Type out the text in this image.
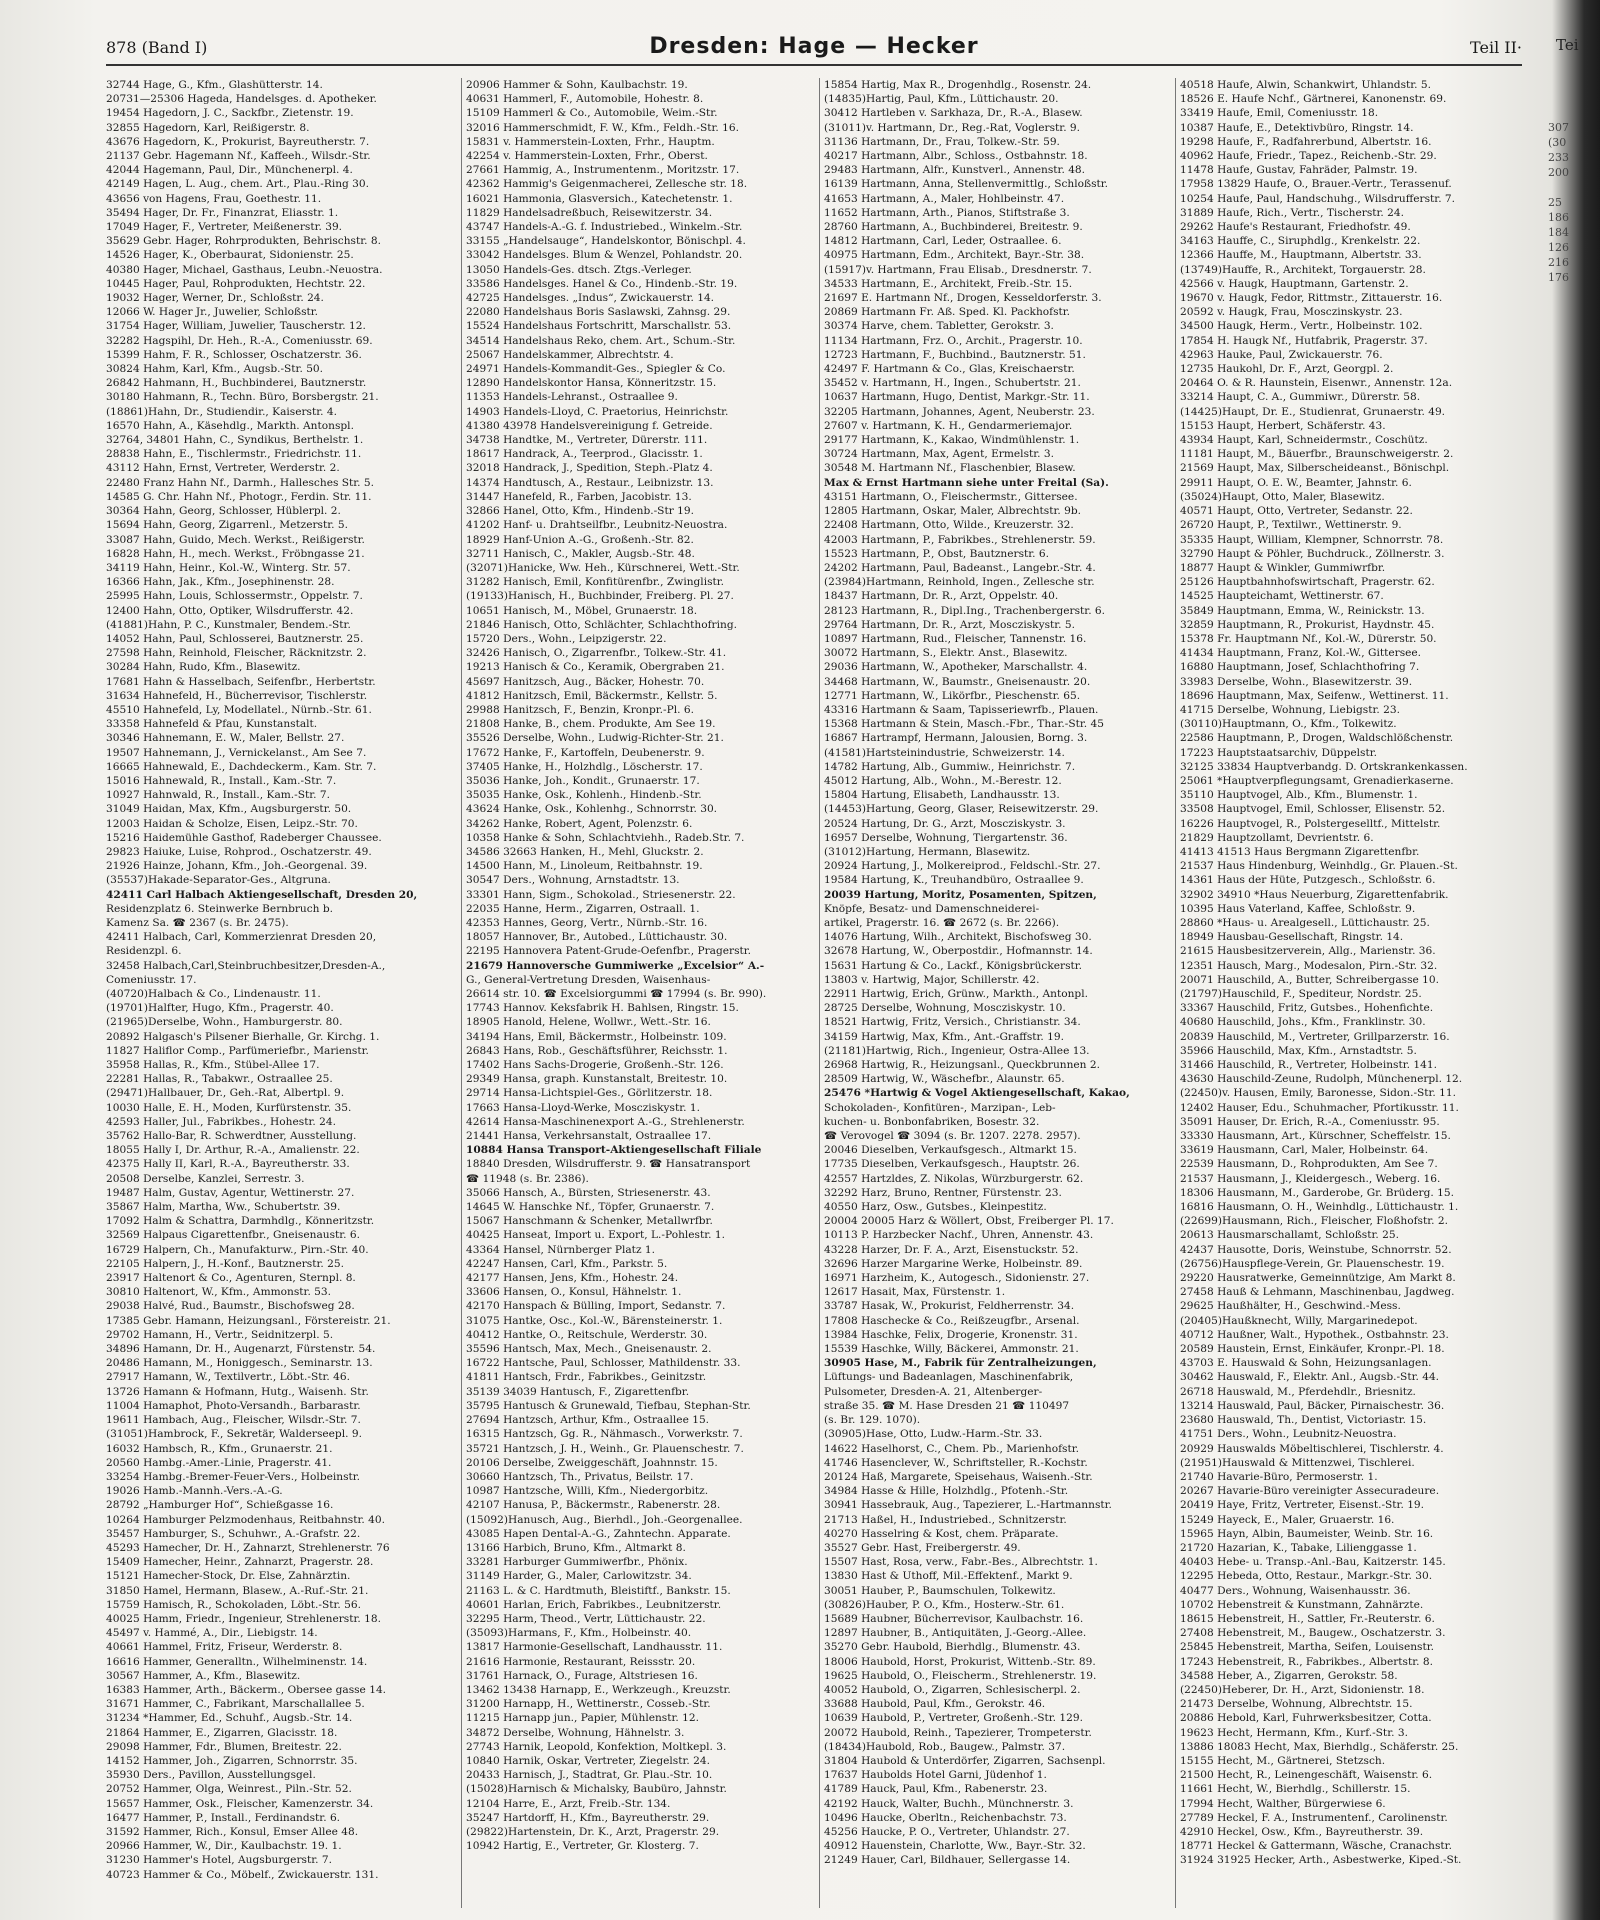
878 (Band I)	Dresden: Hage — Hecker	Teil II· Tei
307
(30
233
200
25
186
184
126
216
176
32744 Hage, G., Kfm., Glashütterstr. 14.
20731—25306 Hageda, Handelsges. d. Apotheker.
19454 Hagedorn, J. C., Sackfbr., Zietenstr. 19.
32855 Hagedorn, Karl, Reißigerstr. 8.
43676 Hagedorn, K., Prokurist, Bayreutherstr. 7.
21137 Gebr. Hagemann Nf., Kaffeeh., Wilsdr.-Str.
42044 Hagemann, Paul, Dir., Münchenerpl. 4.
42149 Hagen, L. Aug., chem. Art., Plau.-Ring 30.
43656 von Hagens, Frau, Goethestr. 11.
35494 Hager, Dr. Fr., Finanzrat, Eliasstr. 1.
17049 Hager, F., Vertreter, Meißenerstr. 39.
35629 Gebr. Hager, Rohrprodukten, Behrischstr. 8.
14526 Hager, K., Oberbaurat, Sidonienstr. 25.
40380 Hager, Michael, Gasthaus, Leubn.-Neuostra.
10445 Hager, Paul, Rohprodukten, Hechtstr. 22.
19032 Hager, Werner, Dr., Schloßstr. 24.
12066 W. Hager Jr., Juwelier, Schloßstr.
31754 Hager, William, Juwelier, Tauscherstr. 12.
32282 Hagspihl, Dr. Heh., R.-A., Comeniusstr. 69.
15399 Hahm, F. R., Schlosser, Oschatzerstr. 36.
30824 Hahm, Karl, Kfm., Augsb.-Str. 50.
26842 Hahmann, H., Buchbinderei, Bautznerstr.
30180 Hahmann, R., Techn. Büro, Borsbergstr. 21.
(18861)Hahn, Dr., Studiendir., Kaiserstr. 4.
16570 Hahn, A., Käsehdlg., Markth. Antonspl.
32764, 34801 Hahn, C., Syndikus, Berthelstr. 1.
28838 Hahn, E., Tischlermstr., Friedrichstr. 11.
43112 Hahn, Ernst, Vertreter, Werderstr. 2.
22480 Franz Hahn Nf., Darmh., Hallesches Str. 5.
14585 G. Chr. Hahn Nf., Photogr., Ferdin. Str. 11.
30364 Hahn, Georg, Schlosser, Hüblerpl. 2.
15694 Hahn, Georg, Zigarrenl., Metzerstr. 5.
33087 Hahn, Guido, Mech. Werkst., Reißigerstr.
16828 Hahn, H., mech. Werkst., Fröbngasse 21.
34119 Hahn, Heinr., Kol.-W., Winterg. Str. 57.
16366 Hahn, Jak., Kfm., Josephinenstr. 28.
25995 Hahn, Louis, Schlossermstr., Oppelstr. 7.
12400 Hahn, Otto, Optiker, Wilsdrufferstr. 42.
(41881)Hahn, P. C., Kunstmaler, Bendem.-Str.
14052 Hahn, Paul, Schlosserei, Bautznerstr. 25.
27598 Hahn, Reinhold, Fleischer, Räcknitzstr. 2.
30284 Hahn, Rudo, Kfm., Blasewitz.
17681 Hahn & Hasselbach, Seifenfbr., Herbertstr.
31634 Hahnefeld, H., Bücherrevisor, Tischlerstr.
45510 Hahnefeld, Ly, Modellatel., Nürnb.-Str. 61.
33358 Hahnefeld & Pfau, Kunstanstalt.
30346 Hahnemann, E. W., Maler, Bellstr. 27.
19507 Hahnemann, J., Vernickelanst., Am See 7.
16665 Hahnewald, E., Dachdeckerm., Kam. Str. 7.
15016 Hahnewald, R., Install., Kam.-Str. 7.
10927 Hahnwald, R., Install., Kam.-Str. 7.
31049 Haidan, Max, Kfm., Augsburgerstr. 50.
12003 Haidan & Scholze, Eisen, Leipz.-Str. 70.
15216 Haidemühle Gasthof, Radeberger Chaussee.
29823 Haiuke, Luise, Rohprod., Oschatzerstr. 49.
21926 Hainze, Johann, Kfm., Joh.-Georgenal. 39.
(35537)Hakade-Separator-Ges., Altgruna.
42411 Carl Halbach Aktiengesellschaft, Dresden 20,
Residenzplatz 6. Steinwerke Bernbruch b.
Kamenz Sa. ☎ 2367 (s. Br. 2475).
42411 Halbach, Carl, Kommerzienrat Dresden 20,
Residenzpl. 6.
32458 Halbach,Carl,Steinbruchbesitzer,Dresden-A.,
Comeniusstr. 17.
(40720)Halbach & Co., Lindenaustr. 11.
(19701)Halfter, Hugo, Kfm., Pragerstr. 40.
(21965)Derselbe, Wohn., Hamburgerstr. 80.
20892 Halgasch's Pilsener Bierhalle, Gr. Kirchg. 1.
11827 Haliflor Comp., Parfümeriefbr., Marienstr.
35958 Hallas, R., Kfm., Stübel-Allee 17.
22281 Hallas, R., Tabakwr., Ostraallee 25.
(29471)Hallbauer, Dr., Geh.-Rat, Albertpl. 9.
10030 Halle, E. H., Moden, Kurfürstenstr. 35.
42593 Haller, Jul., Fabrikbes., Hohestr. 24.
35762 Hallo-Bar, R. Schwerdtner, Ausstellung.
18055 Hally I, Dr. Arthur, R.-A., Amalienstr. 22.
42375 Hally II, Karl, R.-A., Bayreutherstr. 33.
20508 Derselbe, Kanzlei, Serrestr. 3.
19487 Halm, Gustav, Agentur, Wettinerstr. 27.
35867 Halm, Martha, Ww., Schubertstr. 39.
17092 Halm & Schattra, Darmhdlg., Könneritzstr.
32569 Halpaus Cigarettenfbr., Gneisenaustr. 6.
16729 Halpern, Ch., Manufakturw., Pirn.-Str. 40.
22105 Halpern, J., H.-Konf., Bautznerstr. 25.
23917 Haltenort & Co., Agenturen, Sternpl. 8.
30810 Haltenort, W., Kfm., Ammonstr. 53.
29038 Halvé, Rud., Baumstr., Bischofsweg 28.
17385 Gebr. Hamann, Heizungsanl., Förstereistr. 21.
29702 Hamann, H., Vertr., Seidnitzerpl. 5.
34896 Hamann, Dr. H., Augenarzt, Fürstenstr. 54.
20486 Hamann, M., Honiggesch., Seminarstr. 13.
27917 Hamann, W., Textilvertr., Löbt.-Str. 46.
13726 Hamann & Hofmann, Hutg., Waisenh. Str.
11004 Hamaphot, Photo-Versandh., Barbarastr.
19611 Hambach, Aug., Fleischer, Wilsdr.-Str. 7.
(31051)Hambrock, F., Sekretär, Walderseepl. 9.
16032 Hambsch, R., Kfm., Grunaerstr. 21.
20560 Hambg.-Amer.-Linie, Pragerstr. 41.
33254 Hambg.-Bremer-Feuer-Vers., Holbeinstr.
19026 Hamb.-Mannh.-Vers.-A.-G.
28792 „Hamburger Hof“, Schießgasse 16.
10264 Hamburger Pelzmodenhaus, Reitbahnstr. 40.
35457 Hamburger, S., Schuhwr., A.-Grafstr. 22.
45293 Hamecher, Dr. H., Zahnarzt, Strehlenerstr. 76
15409 Hamecher, Heinr., Zahnarzt, Pragerstr. 28.
15121 Hamecher-Stock, Dr. Else, Zahnärztin.
31850 Hamel, Hermann, Blasew., A.-Ruf.-Str. 21.
15759 Hamisch, R., Schokoladen, Löbt.-Str. 56.
40025 Hamm, Friedr., Ingenieur, Strehlenerstr. 18.
45497 v. Hammé, A., Dir., Liebigstr. 14.
40661 Hammel, Fritz, Friseur, Werderstr. 8.
16616 Hammer, Generalltn., Wilhelminenstr. 14.
30567 Hammer, A., Kfm., Blasewitz.
16383 Hammer, Arth., Bäckerm., Obersee gasse 14.
31671 Hammer, C., Fabrikant, Marschallallee 5.
31234 *Hammer, Ed., Schuhf., Augsb.-Str. 14.
21864 Hammer, E., Zigarren, Glacisstr. 18.
29098 Hammer, Fdr., Blumen, Breitestr. 22.
14152 Hammer, Joh., Zigarren, Schnorrstr. 35.
35930 Ders., Pavillon, Ausstellungsgel.
20752 Hammer, Olga, Weinrest., Piln.-Str. 52.
15657 Hammer, Osk., Fleischer, Kamenzerstr. 34.
16477 Hammer, P., Install., Ferdinandstr. 6.
31592 Hammer, Rich., Konsul, Emser Allee 48.
20966 Hammer, W., Dir., Kaulbachstr. 19. 1.
31230 Hammer's Hotel, Augsburgerstr. 7.
40723 Hammer & Co., Möbelf., Zwickauerstr. 131.
20906 Hammer & Sohn, Kaulbachstr. 19.
40631 Hammerl, F., Automobile, Hohestr. 8.
15109 Hammerl & Co., Automobile, Weim.-Str.
32016 Hammerschmidt, F. W., Kfm., Feldh.-Str. 16.
15831 v. Hammerstein-Loxten, Frhr., Hauptm.
42254 v. Hammerstein-Loxten, Frhr., Oberst.
27661 Hammig, A., Instrumentenm., Moritzstr. 17.
42362 Hammig's Geigenmacherei, Zellesche str. 18.
16021 Hammonia, Glasversich., Katechetenstr. 1.
11829 Handelsadreßbuch, Reisewitzerstr. 34.
43747 Handels-A.-G. f. Industriebed., Winkelm.-Str.
33155 „Handelsauge“, Handelskontor, Bönischpl. 4.
33042 Handelsges. Blum & Wenzel, Pohlandstr. 20.
13050 Handels-Ges. dtsch. Ztgs.-Verleger.
33586 Handelsges. Hanel & Co., Hindenb.-Str. 19.
42725 Handelsges. „Indus“, Zwickauerstr. 14.
22080 Handelshaus Boris Saslawski, Zahnsg. 29.
15524 Handelshaus Fortschritt, Marschallstr. 53.
34514 Handelshaus Reko, chem. Art., Schum.-Str.
25067 Handelskammer, Albrechtstr. 4.
24971 Handels-Kommandit-Ges., Spiegler & Co.
12890 Handelskontor Hansa, Könneritzstr. 15.
11353 Handels-Lehranst., Ostraallee 9.
14903 Handels-Lloyd, C. Praetorius, Heinrichstr.
41380 43978 Handelsvereinigung f. Getreide.
34738 Handtke, M., Vertreter, Dürerstr. 111.
18617 Handrack, A., Teerprod., Glacisstr. 1.
32018 Handrack, J., Spedition, Steph.-Platz 4.
14374 Handtusch, A., Restaur., Leibnizstr. 13.
31447 Hanefeld, R., Farben, Jacobistr. 13.
32866 Hanel, Otto, Kfm., Hindenb.-Str 19.
41202 Hanf- u. Drahtseilfbr., Leubnitz-Neuostra.
18929 Hanf-Union A.-G., Großenh.-Str. 82.
32711 Hanisch, C., Makler, Augsb.-Str. 48.
(32071)Hanicke, Ww. Heh., Kürschnerei, Wett.-Str.
31282 Hanisch, Emil, Konfitürenfbr., Zwinglistr.
(19133)Hanisch, H., Buchbinder, Freiberg. Pl. 27.
10651 Hanisch, M., Möbel, Grunaerstr. 18.
21846 Hanisch, Otto, Schlächter, Schlachthofring.
15720 Ders., Wohn., Leipzigerstr. 22.
32426 Hanisch, O., Zigarrenfbr., Tolkew.-Str. 41.
19213 Hanisch & Co., Keramik, Obergraben 21.
45697 Hanitzsch, Aug., Bäcker, Hohestr. 70.
41812 Hanitzsch, Emil, Bäckermstr., Kellstr. 5.
29988 Hanitzsch, F., Benzin, Kronpr.-Pl. 6.
21808 Hanke, B., chem. Produkte, Am See 19.
35526 Derselbe, Wohn., Ludwig-Richter-Str. 21.
17672 Hanke, F., Kartoffeln, Deubenerstr. 9.
37405 Hanke, H., Holzhdlg., Löscherstr. 17.
35036 Hanke, Joh., Kondit., Grunaerstr. 17.
35035 Hanke, Osk., Kohlenh., Hindenb.-Str.
43624 Hanke, Osk., Kohlenhg., Schnorrstr. 30.
34262 Hanke, Robert, Agent, Polenzstr. 6.
10358 Hanke & Sohn, Schlachtviehh., Radeb.Str. 7.
34586 32663 Hanken, H., Mehl, Gluckstr. 2.
14500 Hann, M., Linoleum, Reitbahnstr. 19.
30547 Ders., Wohnung, Arnstadtstr. 13.
33301 Hann, Sigm., Schokolad., Striesenerstr. 22.
22035 Hanne, Herm., Zigarren, Ostraall. 1.
42353 Hannes, Georg, Vertr., Nürnb.-Str. 16.
18057 Hannover, Br., Autobed., Lüttichaustr. 30.
22195 Hannovera Patent-Grude-Oefenfbr., Pragerstr.
21679 Hannoversche Gummiwerke „Excelsior“ A.-
G., General-Vertretung Dresden, Waisenhaus-
26614 str. 10. ☎ Excelsiorgummi ☎ 17994 (s. Br. 990).
17743 Hannov. Keksfabrik H. Bahlsen, Ringstr. 15.
18905 Hanold, Helene, Wollwr., Wett.-Str. 16.
34194 Hans, Emil, Bäckermstr., Holbeinstr. 109.
26843 Hans, Rob., Geschäftsführer, Reichsstr. 1.
17402 Hans Sachs-Drogerie, Großenh.-Str. 126.
29349 Hansa, graph. Kunstanstalt, Breitestr. 10.
29714 Hansa-Lichtspiel-Ges., Görlitzerstr. 18.
17663 Hansa-Lloyd-Werke, Moscziskystr. 1.
42614 Hansa-Maschinenexport A.-G., Strehlenerstr.
21441 Hansa, Verkehrsanstalt, Ostraallee 17.
10884 Hansa Transport-Aktiengesellschaft Filiale
18840 Dresden, Wilsdrufferstr. 9. ☎ Hansatransport
☎ 11948 (s. Br. 2386).
35066 Hansch, A., Bürsten, Striesenerstr. 43.
14645 W. Hanschke Nf., Töpfer, Grunaerstr. 7.
15067 Hanschmann & Schenker, Metallwrfbr.
40425 Hanseat, Import u. Export, L.-Pohlestr. 1.
43364 Hansel, Nürnberger Platz 1.
42247 Hansen, Carl, Kfm., Parkstr. 5.
42177 Hansen, Jens, Kfm., Hohestr. 24.
33606 Hansen, O., Konsul, Hähnelstr. 1.
42170 Hanspach & Bülling, Import, Sedanstr. 7.
31075 Hantke, Osc., Kol.-W., Bärensteinerstr. 1.
40412 Hantke, O., Reitschule, Werderstr. 30.
35596 Hantsch, Max, Mech., Gneisenaustr. 2.
16722 Hantsche, Paul, Schlosser, Mathildenstr. 33.
41811 Hantsch, Frdr., Fabrikbes., Geinitzstr.
35139 34039 Hantusch, F., Zigarettenfbr.
35795 Hantusch & Grunewald, Tiefbau, Stephan-Str.
27694 Hantzsch, Arthur, Kfm., Ostraallee 15.
16315 Hantzsch, Gg. R., Nähmasch., Vorwerkstr. 7.
35721 Hantzsch, J. H., Weinh., Gr. Plauenschestr. 7.
20106 Derselbe, Zweiggeschäft, Joahnnstr. 15.
30660 Hantzsch, Th., Privatus, Beilstr. 17.
10987 Hantzsche, Willi, Kfm., Niedergorbitz.
42107 Hanusa, P., Bäckermstr., Rabenerstr. 28.
(15092)Hanusch, Aug., Bierhdl., Joh.-Georgenallee.
43085 Hapen Dental-A.-G., Zahntechn. Apparate.
13166 Harbich, Bruno, Kfm., Altmarkt 8.
33281 Harburger Gummiwerfbr., Phönix.
31149 Harder, G., Maler, Carlowitzstr. 34.
21163 L. & C. Hardtmuth, Bleistiftf., Bankstr. 15.
40601 Harlan, Erich, Fabrikbes., Leubnitzerstr.
32295 Harm, Theod., Vertr, Lüttichaustr. 22.
(35093)Harmans, F., Kfm., Holbeinstr. 40.
13817 Harmonie-Gesellschaft, Landhausstr. 11.
21616 Harmonie, Restaurant, Reissstr. 20.
31761 Harnack, O., Furage, Altstriesen 16.
13462 13438 Harnapp, E., Werkzeugh., Kreuzstr.
31200 Harnapp, H., Wettinerstr., Cosseb.-Str.
11215 Harnapp jun., Papier, Mühlenstr. 12.
34872 Derselbe, Wohnung, Hähnelstr. 3.
27743 Harnik, Leopold, Konfektion, Moltkepl. 3.
10840 Harnik, Oskar, Vertreter, Ziegelstr. 24.
20433 Harnisch, J., Stadtrat, Gr. Plau.-Str. 10.
(15028)Harnisch & Michalsky, Baubüro, Jahnstr.
12104 Harre, E., Arzt, Freib.-Str. 134.
35247 Hartdorff, H., Kfm., Bayreutherstr. 29.
(29822)Hartenstein, Dr. K., Arzt, Pragerstr. 29.
10942 Hartig, E., Vertreter, Gr. Klosterg. 7.
15854 Hartig, Max R., Drogenhdlg., Rosenstr. 24.
(14835)Hartig, Paul, Kfm., Lüttichaustr. 20.
30412 Hartleben v. Sarkhaza, Dr., R.-A., Blasew.
(31011)v. Hartmann, Dr., Reg.-Rat, Voglerstr. 9.
31136 Hartmann, Dr., Frau, Tolkew.-Str. 59.
40217 Hartmann, Albr., Schloss., Ostbahnstr. 18.
29483 Hartmann, Alfr., Kunstverl., Annenstr. 48.
16139 Hartmann, Anna, Stellenvermittlg., Schloßstr.
41653 Hartmann, A., Maler, Hohlbeinstr. 47.
11652 Hartmann, Arth., Pianos, Stiftstraße 3.
28760 Hartmann, A., Buchbinderei, Breitestr. 9.
14812 Hartmann, Carl, Leder, Ostraallee. 6.
40975 Hartmann, Edm., Architekt, Bayr.-Str. 38.
(15917)v. Hartmann, Frau Elisab., Dresdnerstr. 7.
34533 Hartmann, E., Architekt, Freib.-Str. 15.
21697 E. Hartmann Nf., Drogen, Kesseldorferstr. 3.
20869 Hartmann Fr. Aß. Sped. Kl. Packhofstr.
30374 Harve, chem. Tabletter, Gerokstr. 3.
11134 Hartmann, Frz. O., Archit., Pragerstr. 10.
12723 Hartmann, F., Buchbind., Bautznerstr. 51.
42497 F. Hartmann & Co., Glas, Kreischaerstr.
35452 v. Hartmann, H., Ingen., Schubertstr. 21.
10637 Hartmann, Hugo, Dentist, Markgr.-Str. 11.
32205 Hartmann, Johannes, Agent, Neuberstr. 23.
27607 v. Hartmann, K. H., Gendarmeriemajor.
29177 Hartmann, K., Kakao, Windmühlenstr. 1.
30724 Hartmann, Max, Agent, Ermelstr. 3.
30548 M. Hartmann Nf., Flaschenbier, Blasew.
Max & Ernst Hartmann siehe unter Freital (Sa).
43151 Hartmann, O., Fleischermstr., Gittersee.
12805 Hartmann, Oskar, Maler, Albrechtstr. 9b.
22408 Hartmann, Otto, Wilde., Kreuzerstr. 32.
42003 Hartmann, P., Fabrikbes., Strehlenerstr. 59.
15523 Hartmann, P., Obst, Bautznerstr. 6.
24202 Hartmann, Paul, Badeanst., Langebr.-Str. 4.
(23984)Hartmann, Reinhold, Ingen., Zellesche str.
18437 Hartmann, Dr. R., Arzt, Oppelstr. 40.
28123 Hartmann, R., Dipl.Ing., Trachenbergerstr. 6.
29764 Hartmann, Dr. R., Arzt, Moscziskystr. 5.
10897 Hartmann, Rud., Fleischer, Tannenstr. 16.
30072 Hartmann, S., Elektr. Anst., Blasewitz.
29036 Hartmann, W., Apotheker, Marschallstr. 4.
34468 Hartmann, W., Baumstr., Gneisenaustr. 20.
12771 Hartmann, W., Likörfbr., Pieschenstr. 65.
43316 Hartmann & Saam, Tapisseriewrfb., Plauen.
15368 Hartmann & Stein, Masch.-Fbr., Thar.-Str. 45
16867 Hartrampf, Hermann, Jalousien, Borng. 3.
(41581)Hartsteinindustrie, Schweizerstr. 14.
14782 Hartung, Alb., Gummiw., Heinrichstr. 7.
45012 Hartung, Alb., Wohn., M.-Berestr. 12.
15804 Hartung, Elisabeth, Landhausstr. 13.
(14453)Hartung, Georg, Glaser, Reisewitzerstr. 29.
20524 Hartung, Dr. G., Arzt, Moscziskystr. 3.
16957 Derselbe, Wohnung, Tiergartenstr. 36.
(31012)Hartung, Hermann, Blasewitz.
20924 Hartung, J., Molkereiprod., Feldschl.-Str. 27.
19584 Hartung, K., Treuhandbüro, Ostraallee 9.
20039 Hartung, Moritz, Posamenten, Spitzen,
Knöpfe, Besatz- und Damenschneiderei-
artikel, Pragerstr. 16. ☎ 2672 (s. Br. 2266).
14076 Hartung, Wilh., Architekt, Bischofsweg 30.
32678 Hartung, W., Oberpostdir., Hofmannstr. 14.
15631 Hartung & Co., Lackf., Königsbrückerstr.
13803 v. Hartwig, Major, Schillerstr. 42.
22911 Hartwig, Erich, Grünw., Markth., Antonpl.
28725 Derselbe, Wohnung, Moscziskystr. 10.
18521 Hartwig, Fritz, Versich., Christianstr. 34.
34159 Hartwig, Max, Kfm., Ant.-Graffstr. 19.
(21181)Hartwig, Rich., Ingenieur, Ostra-Allee 13.
26968 Hartwig, R., Heizungsanl., Queckbrunnen 2.
28509 Hartwig, W., Wäschefbr., Alaunstr. 65.
25476 *Hartwig & Vogel Aktiengesellschaft, Kakao,
Schokoladen-, Konfitüren-, Marzipan-, Leb-
kuchen- u. Bonbonfabriken, Bosestr. 32.
☎ Verovogel ☎ 3094 (s. Br. 1207. 2278. 2957).
20046 Dieselben, Verkaufsgesch., Altmarkt 15.
17735 Dieselben, Verkaufsgesch., Hauptstr. 26.
42557 Hartzldes, Z. Nikolas, Würzburgerstr. 62.
32292 Harz, Bruno, Rentner, Fürstenstr. 23.
40550 Harz, Osw., Gutsbes., Kleinpestitz.
20004 20005 Harz & Wöllert, Obst, Freiberger Pl. 17.
10113 P. Harzbecker Nachf., Uhren, Annenstr. 43.
43228 Harzer, Dr. F. A., Arzt, Eisenstuckstr. 52.
32696 Harzer Margarine Werke, Holbeinstr. 89.
16971 Harzheim, K., Autogesch., Sidonienstr. 27.
12617 Hasait, Max, Fürstenstr. 1.
33787 Hasak, W., Prokurist, Feldherrenstr. 34.
17808 Haschecke & Co., Reißzeugfbr., Arsenal.
13984 Haschke, Felix, Drogerie, Kronenstr. 31.
15539 Haschke, Willy, Bäckerei, Ammonstr. 21.
30905 Hase, M., Fabrik für Zentralheizungen,
Lüftungs- und Badeanlagen, Maschinenfabrik,
Pulsometer, Dresden-A. 21, Altenberger-
straße 35. ☎ M. Hase Dresden 21 ☎ 110497
(s. Br. 129. 1070).
(30905)Hase, Otto, Ludw.-Harm.-Str. 33.
14622 Haselhorst, C., Chem. Pb., Marienhofstr.
41746 Hasenclever, W., Schriftsteller, R.-Kochstr.
20124 Haß, Margarete, Speisehaus, Waisenh.-Str.
34984 Hasse & Hille, Holzhdlg., Pfotenh.-Str.
30941 Hassebrauk, Aug., Tapezierer, L.-Hartmannstr.
21713 Haßel, H., Industriebed., Schnitzerstr.
40270 Hasselring & Kost, chem. Präparate.
35527 Gebr. Hast, Freibergerstr. 49.
15507 Hast, Rosa, verw., Fabr.-Bes., Albrechtstr. 1.
13830 Hast & Uthoff, Mil.-Effektenf., Markt 9.
30051 Hauber, P., Baumschulen, Tolkewitz.
(30826)Hauber, P. O., Kfm., Hosterw.-Str. 61.
15689 Haubner, Bücherrevisor, Kaulbachstr. 16.
12897 Haubner, B., Antiquitäten, J.-Georg.-Allee.
35270 Gebr. Haubold, Bierhdlg., Blumenstr. 43.
18006 Haubold, Horst, Prokurist, Wittenb.-Str. 89.
19625 Haubold, O., Fleischerm., Strehlenerstr. 19.
40052 Haubold, O., Zigarren, Schlesischerpl. 2.
33688 Haubold, Paul, Kfm., Gerokstr. 46.
10639 Haubold, P., Vertreter, Großenh.-Str. 129.
20072 Haubold, Reinh., Tapezierer, Trompeterstr.
(18434)Haubold, Rob., Baugew., Palmstr. 37.
31804 Haubold & Unterdörfer, Zigarren, Sachsenpl.
17637 Haubolds Hotel Garni, Jüdenhof 1.
41789 Hauck, Paul, Kfm., Rabenerstr. 23.
42192 Hauck, Walter, Buchh., Münchnerstr. 3.
10496 Haucke, Oberltn., Reichenbachstr. 73.
45256 Haucke, P. O., Vertreter, Uhlandstr. 27.
40912 Hauenstein, Charlotte, Ww., Bayr.-Str. 32.
21249 Hauer, Carl, Bildhauer, Sellergasse 14.
40518 Haufe, Alwin, Schankwirt, Uhlandstr. 5.
18526 E. Haufe Nchf., Gärtnerei, Kanonenstr. 69.
33419 Haufe, Emil, Comeniusstr. 18.
10387 Haufe, E., Detektivbüro, Ringstr. 14.
19298 Haufe, F., Radfahrerbund, Albertstr. 16.
40962 Haufe, Friedr., Tapez., Reichenb.-Str. 29.
11478 Haufe, Gustav, Fahräder, Palmstr. 19.
17958 13829 Haufe, O., Brauer.-Vertr., Terassenuf.
10254 Haufe, Paul, Handschuhg., Wilsdrufferstr. 7.
31889 Haufe, Rich., Vertr., Tischerstr. 24.
29262 Haufe's Restaurant, Friedhofstr. 49.
34163 Hauffe, C., Siruphdlg., Krenkelstr. 22.
12366 Hauffe, M., Hauptmann, Albertstr. 33.
(13749)Hauffe, R., Architekt, Torgauerstr. 28.
42566 v. Haugk, Hauptmann, Gartenstr. 2.
19670 v. Haugk, Fedor, Rittmstr., Zittauerstr. 16.
20592 v. Haugk, Frau, Mosczinskystr. 23.
34500 Haugk, Herm., Vertr., Holbeinstr. 102.
17854 H. Haugk Nf., Hutfabrik, Pragerstr. 37.
42963 Hauke, Paul, Zwickauerstr. 76.
12735 Haukohl, Dr. F., Arzt, Georgpl. 2.
20464 O. & R. Haunstein, Eisenwr., Annenstr. 12a.
33214 Haupt, C. A., Gummiwr., Dürerstr. 58.
(14425)Haupt, Dr. E., Studienrat, Grunaerstr. 49.
15153 Haupt, Herbert, Schäferstr. 43.
43934 Haupt, Karl, Schneidermstr., Coschütz.
11181 Haupt, M., Bäuerfbr., Braunschweigerstr. 2.
21569 Haupt, Max, Silberscheideanst., Bönischpl.
29911 Haupt, O. E. W., Beamter, Jahnstr. 6.
(35024)Haupt, Otto, Maler, Blasewitz.
40571 Haupt, Otto, Vertreter, Sedanstr. 22.
26720 Haupt, P., Textilwr., Wettinerstr. 9.
35335 Haupt, William, Klempner, Schnorrstr. 78.
32790 Haupt & Pöhler, Buchdruck., Zöllnerstr. 3.
18877 Haupt & Winkler, Gummiwrfbr.
25126 Hauptbahnhofswirtschaft, Pragerstr. 62.
14525 Haupteichamt, Wettinerstr. 67.
35849 Hauptmann, Emma, W., Reinickstr. 13.
32859 Hauptmann, R., Prokurist, Haydnstr. 45.
15378 Fr. Hauptmann Nf., Kol.-W., Dürerstr. 50.
41434 Hauptmann, Franz, Kol.-W., Gittersee.
16880 Hauptmann, Josef, Schlachthofring 7.
33983 Derselbe, Wohn., Blasewitzerstr. 39.
18696 Hauptmann, Max, Seifenw., Wettinerst. 11.
41715 Derselbe, Wohnung, Liebigstr. 23.
(30110)Hauptmann, O., Kfm., Tolkewitz.
22586 Hauptmann, P., Drogen, Waldschlößchenstr.
17223 Hauptstaatsarchiv, Düppelstr.
32125 33834 Hauptverbandg. D. Ortskrankenkassen.
25061 *Hauptverpflegungsamt, Grenadierkaserne.
35110 Hauptvogel, Alb., Kfm., Blumenstr. 1.
33508 Hauptvogel, Emil, Schlosser, Elisenstr. 52.
16226 Hauptvogel, R., Polstergeselltf., Mittelstr.
21829 Hauptzollamt, Devrientstr. 6.
41413 41513 Haus Bergmann Zigarettenfbr.
21537 Haus Hindenburg, Weinhdlg., Gr. Plauen.-St.
14361 Haus der Hüte, Putzgesch., Schloßstr. 6.
32902 34910 *Haus Neuerburg, Zigarettenfabrik.
10395 Haus Vaterland, Kaffee, Schloßstr. 9.
28860 *Haus- u. Arealgesell., Lüttichaustr. 25.
18949 Hausbau-Gesellschaft, Ringstr. 14.
21615 Hausbesitzerverein, Allg., Marienstr. 36.
12351 Hausch, Marg., Modesalon, Pirn.-Str. 32.
20071 Hauschild, A., Butter, Schreibergasse 10.
(21797)Hauschild, F., Spediteur, Nordstr. 25.
33367 Hauschild, Fritz, Gutsbes., Hohenfichte.
40680 Hauschild, Johs., Kfm., Franklinstr. 30.
20839 Hauschild, M., Vertreter, Grillparzerstr. 16.
35966 Hauschild, Max, Kfm., Arnstadtstr. 5.
31466 Hauschild, R., Vertreter, Holbeinstr. 141.
43630 Hauschild-Zeune, Rudolph, Münchenerpl. 12.
(22450)v. Hausen, Emily, Baronesse, Sidon.-Str. 11.
12402 Hauser, Edu., Schuhmacher, Pfortikusstr. 11.
35091 Hauser, Dr. Erich, R.-A., Comeniusstr. 95.
33330 Hausmann, Art., Kürschner, Scheffelstr. 15.
33619 Hausmann, Carl, Maler, Holbeinstr. 64.
22539 Hausmann, D., Rohprodukten, Am See 7.
21537 Hausmann, J., Kleidergesch., Weberg. 16.
18306 Hausmann, M., Garderobe, Gr. Brüderg. 15.
16816 Hausmann, O. H., Weinhdlg., Lüttichaustr. 1.
(22699)Hausmann, Rich., Fleischer, Floßhofstr. 2.
20613 Hausmarschallamt, Schloßstr. 25.
42437 Hausotte, Doris, Weinstube, Schnorrstr. 52.
(26756)Hauspflege-Verein, Gr. Plauenschestr. 19.
29220 Hausratwerke, Gemeinnützige, Am Markt 8.
27458 Hauß & Lehmann, Maschinenbau, Jagdweg.
29625 Haußhälter, H., Geschwind.-Mess.
(20405)Haußknecht, Willy, Margarinedepot.
40712 Haußner, Walt., Hypothek., Ostbahnstr. 23.
20589 Haustein, Ernst, Einkäufer, Kronpr.-Pl. 18.
43703 E. Hauswald & Sohn, Heizungsanlagen.
30462 Hauswald, F., Elektr. Anl., Augsb.-Str. 44.
26718 Hauswald, M., Pferdehdlr., Briesnitz.
13214 Hauswald, Paul, Bäcker, Pirnaischestr. 36.
23680 Hauswald, Th., Dentist, Victoriastr. 15.
41751 Ders., Wohn., Leubnitz-Neuostra.
20929 Hauswalds Möbeltischlerei, Tischlerstr. 4.
(21951)Hauswald & Mittenzwei, Tischlerei.
21740 Havarie-Büro, Permoserstr. 1.
20267 Havarie-Büro vereinigter Assecuradeure.
20419 Haye, Fritz, Vertreter, Eisenst.-Str. 19.
15249 Hayeck, E., Maler, Gruaerstr. 16.
15965 Hayn, Albin, Baumeister, Weinb. Str. 16.
21720 Hazarian, K., Tabake, Lilienggasse 1.
40403 Hebe- u. Transp.-Anl.-Bau, Kaitzerstr. 145.
12295 Hebeda, Otto, Restaur., Markgr.-Str. 30.
40477 Ders., Wohnung, Waisenhausstr. 36.
10702 Hebenstreit & Kunstmann, Zahnärzte.
18615 Hebenstreit, H., Sattler, Fr.-Reuterstr. 6.
27408 Hebenstreit, M., Baugew., Oschatzerstr. 3.
25845 Hebenstreit, Martha, Seifen, Louisenstr.
17243 Hebenstreit, R., Fabrikbes., Albertstr. 8.
34588 Heber, A., Zigarren, Gerokstr. 58.
(22450)Heberer, Dr. H., Arzt, Sidonienstr. 18.
21473 Derselbe, Wohnung, Albrechtstr. 15.
20886 Hebold, Karl, Fuhrwerksbesitzer, Cotta.
19623 Hecht, Hermann, Kfm., Kurf.-Str. 3.
13886 18083 Hecht, Max, Bierhdlg., Schäferstr. 25.
15155 Hecht, M., Gärtnerei, Stetzsch.
21500 Hecht, R., Leinengeschäft, Waisenstr. 6.
11661 Hecht, W., Bierhdlg., Schillerstr. 15.
17994 Hecht, Walther, Bürgerwiese 6.
27789 Heckel, F. A., Instrumentenf., Carolinenstr.
42910 Heckel, Osw., Kfm., Bayreutherstr. 39.
18771 Heckel & Gattermann, Wäsche, Cranachstr.
31924 31925 Hecker, Arth., Asbestwerke, Kiped.-St.
